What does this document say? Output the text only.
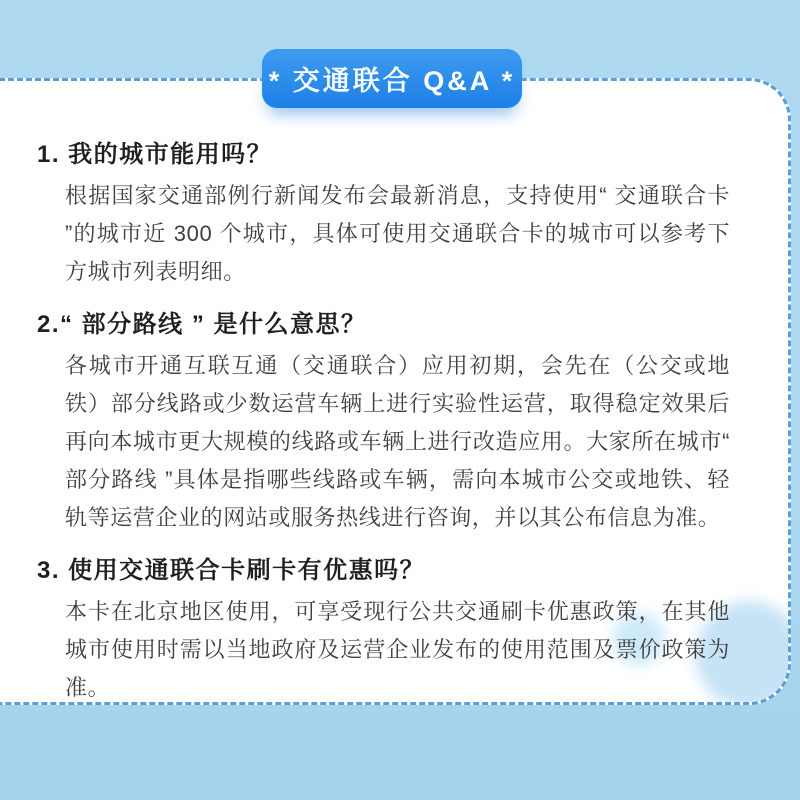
1. 我的城市能用吗？

根据国家交通部例行新闻发布会最新消息，支持使用“ 交通联合卡 ”的城市近 300 个城市，具体可使用交通联合卡的城市可以参考下方城市列表明细。

2.“ 部分路线 ” 是什么意思？

各城市开通互联互通（交通联合）应用初期，会先在（公交或地铁）部分线路或少数运营车辆上进行实验性运营，取得稳定效果后再向本城市更大规模的线路或车辆上进行改造应用。大家所在城市“ 部分路线 ”具体是指哪些线路或车辆，需向本城市公交或地铁、轻轨等运营企业的网站或服务热线进行咨询，并以其公布信息为准。

3. 使用交通联合卡刷卡有优惠吗？

本卡在北京地区使用，可享受现行公共交通刷卡优惠政策，在其他城市使用时需以当地政府及运营企业发布的使用范围及票价政策为准。

* 交通联合 Q&A *
